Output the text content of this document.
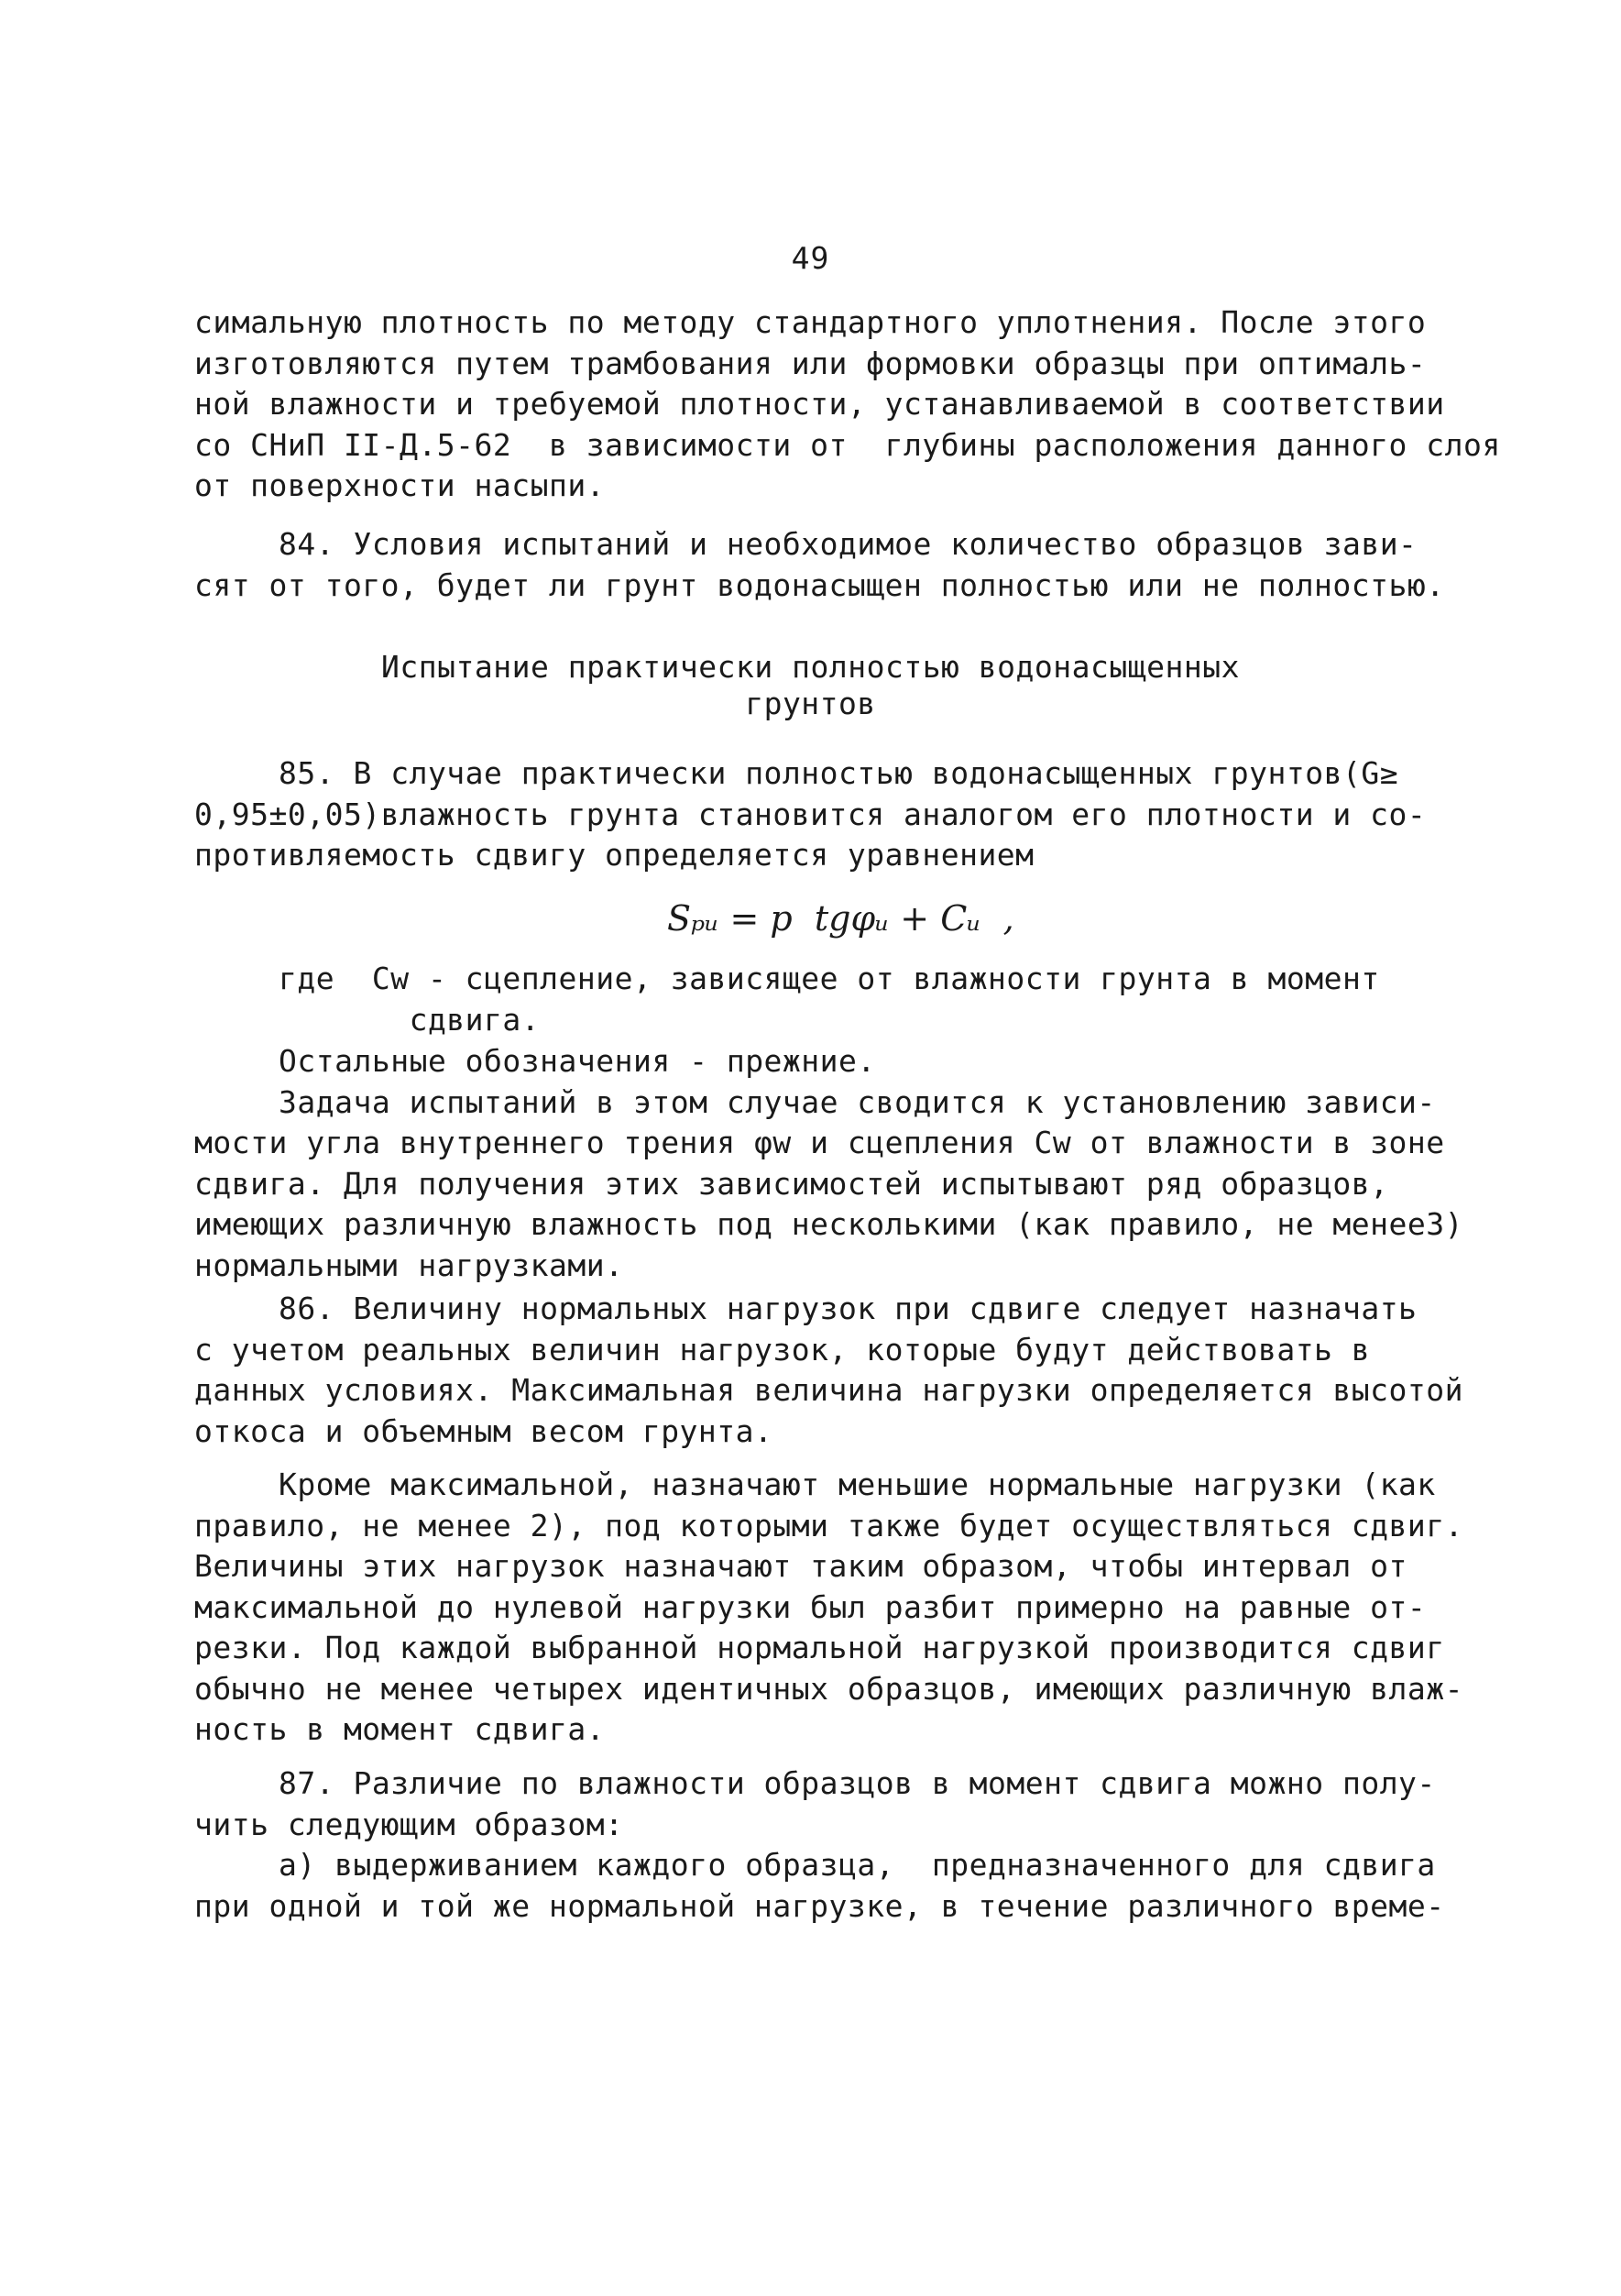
49
симальную плотность по методу стандартного уплотнения. После этого
изготовляются путем трамбования или формовки образцы при оптималь-
ной влажности и требуемой плотности, устанавливаемой в соответствии
со СНиП II-Д.5-62  в зависимости от  глубины расположения данного слоя
от поверхности насыпи.
84. Условия испытаний и необходимое количество образцов зави-
сят от того, будет ли грунт водонасыщен полностью или не полностью.
Испытание практически полностью водонасыщенных
грунтов
85. В случае практически полностью водонасыщенных грунтов(G≥
0,95±0,05)влажность грунта становится аналогом его плотности и со-
противляемость сдвигу определяется уравнением
Sₚᵤ = p  tgφᵤ + Cᵤ  ,
где  Cw - сцепление, зависящее от влажности грунта в момент
сдвига.
Остальные обозначения - прежние.
Задача испытаний в этом случае сводится к установлению зависи-
мости угла внутреннего трения φw и сцепления Cw от влажности в зоне
сдвига. Для получения этих зависимостей испытывают ряд образцов,
имеющих различную влажность под несколькими (как правило, не менее3)
нормальными нагрузками.
86. Величину нормальных нагрузок при сдвиге следует назначать
с учетом реальных величин нагрузок, которые будут действовать в
данных условиях. Максимальная величина нагрузки определяется высотой
откоса и объемным весом грунта.
Кроме максимальной, назначают меньшие нормальные нагрузки (как
правило, не менее 2), под которыми также будет осуществляться сдвиг.
Величины этих нагрузок назначают таким образом, чтобы интервал от
максимальной до нулевой нагрузки был разбит примерно на равные от-
резки. Под каждой выбранной нормальной нагрузкой производится сдвиг
обычно не менее четырех идентичных образцов, имеющих различную влаж-
ность в момент сдвига.
87. Различие по влажности образцов в момент сдвига можно полу-
чить следующим образом:
а) выдерживанием каждого образца,  предназначенного для сдвига
при одной и той же нормальной нагрузке, в течение различного време-
